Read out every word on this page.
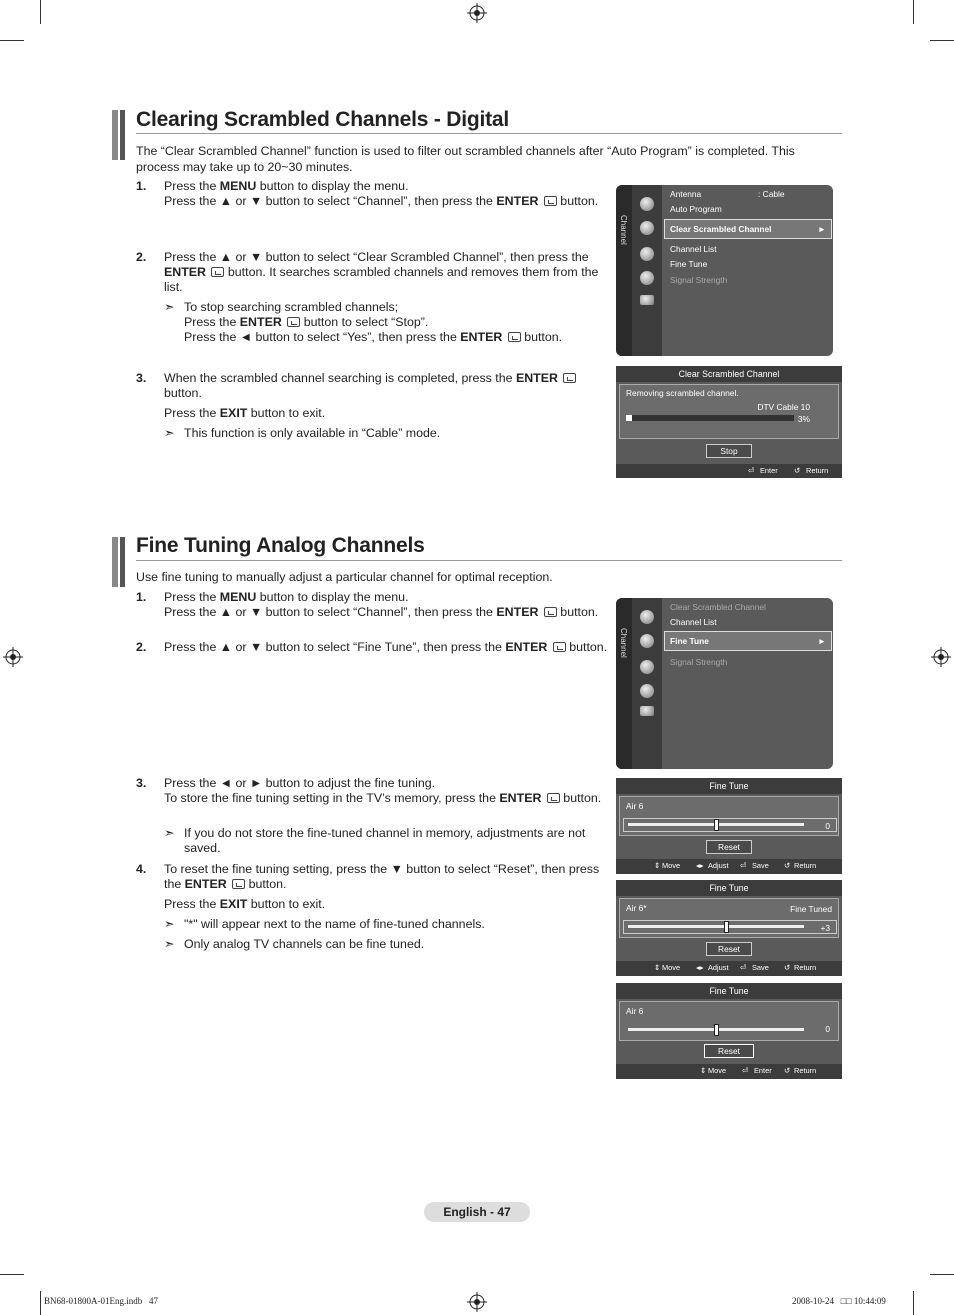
Clearing Scrambled Channels - Digital
The “Clear Scrambled Channel” function is used to filter out scrambled channels after “Auto Program” is completed. This process may take up to 20~30 minutes.
1. Press the MENU button to display the menu.
Press the ▲ or ▼ button to select “Channel”, then press the ENTER  button.
2. Press the ▲ or ▼ button to select “Clear Scrambled Channel”, then press the ENTER  button. It searches scrambled channels and removes them from the list.
➣ To stop searching scrambled channels;
Press the ENTER  button to select “Stop”.
Press the ◄ button to select “Yes”, then press the ENTER  button.
3. When the scrambled channel searching is completed, press the ENTER  button.
Press the EXIT button to exit.
➣ This function is only available in “Cable” mode.
Channel
Antenna	: Cable
Auto Program
Clear Scrambled Channel	►
Channel List
Fine Tune
Signal Strength
Clear Scrambled Channel
Removing scrambled channel.
DTV Cable 10
3%
Stop
⏎ Enter ↺ Return
Fine Tuning Analog Channels
Use fine tuning to manually adjust a particular channel for optimal reception.
1. Press the MENU button to display the menu.
Press the ▲ or ▼ button to select “Channel”, then press the ENTER  button.
2. Press the ▲ or ▼ button to select “Fine Tune”, then press the ENTER  button.
3. Press the ◄ or ► button to adjust the fine tuning.
To store the fine tuning setting in the TV’s memory, press the ENTER  button.
➣ If you do not store the fine-tuned channel in memory, adjustments are not saved.
4. To reset the fine tuning setting, press the ▼ button to select “Reset”, then press the ENTER  button.
Press the EXIT button to exit.
➣ "*" will appear next to the name of fine-tuned channels.
➣ Only analog TV channels can be fine tuned.
Channel
Clear Scrambled Channel
Channel List
Fine Tune	►
Signal Strength
Fine Tune
Air 6
0
Reset
⇕ Move ◂▸ Adjust ⏎ Save ↺ Return
Fine Tune
Air 6*	Fine Tuned
+3
Reset
⇕ Move ◂▸ Adjust ⏎ Save ↺ Return
Fine Tune
Air 6
0
Reset
⇕ Move ⏎ Enter ↺ Return
English - 47
BN68-01800A-01Eng.indb   47	2008-10-24   □□ 10:44:09
